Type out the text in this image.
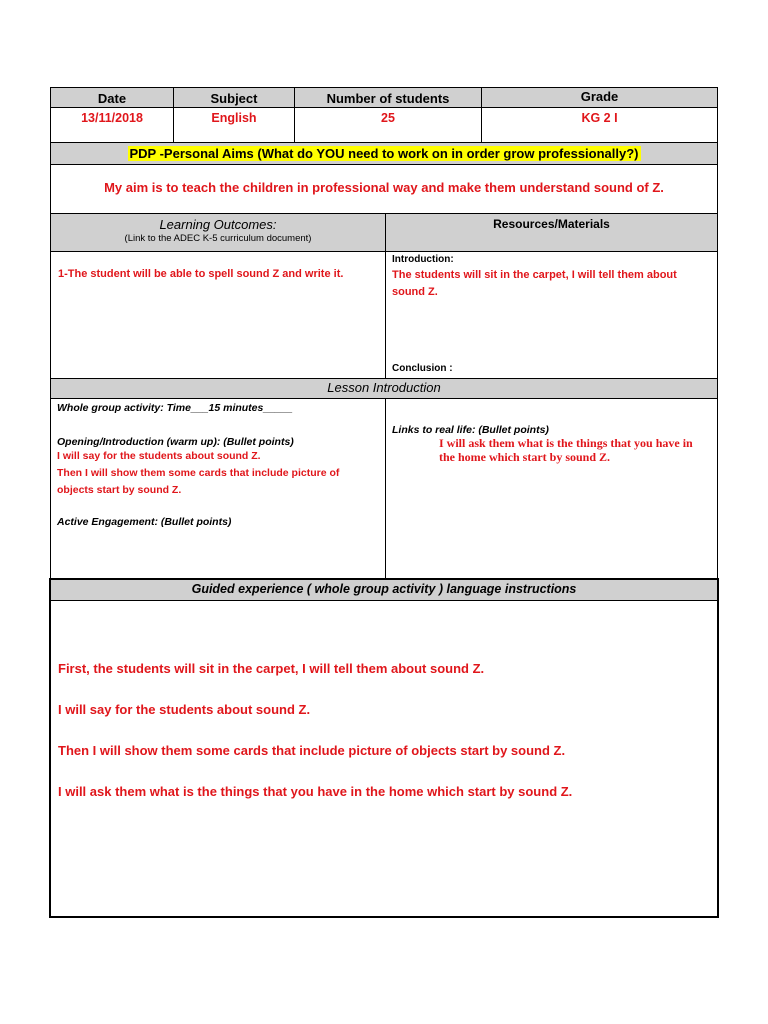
Date	Subject	Number of students	Grade
13/11/2018	English	25	KG 2 I
PDP -Personal Aims (What do YOU need to work on in order grow professionally?)
My aim is to teach the children in professional way and make them understand sound of Z.
Learning Outcomes:
(Link to the ADEC K-5 curriculum document)
Resources/Materials
1-The student will be able to spell sound Z and write it.
Introduction:
The students will sit in the carpet, I will tell them about sound Z.
Conclusion :
Lesson Introduction
Whole group activity: Time___15 minutes_____
Opening/Introduction (warm up): (Bullet points)
I will say for the students about sound Z.
Then I will show them some cards that include picture of objects start by sound Z.
Active Engagement: (Bullet points)
Links to real life: (Bullet points)
I will ask them what is the things that you have in the home which start by sound Z.
Guided experience ( whole group activity ) language instructions
First, the students will sit in the carpet, I will tell them about sound Z.
I will say for the students about sound Z.
Then I will show them some cards that include picture of objects start by sound Z.
I will ask them what is the things that you have in the home which start by sound Z.
